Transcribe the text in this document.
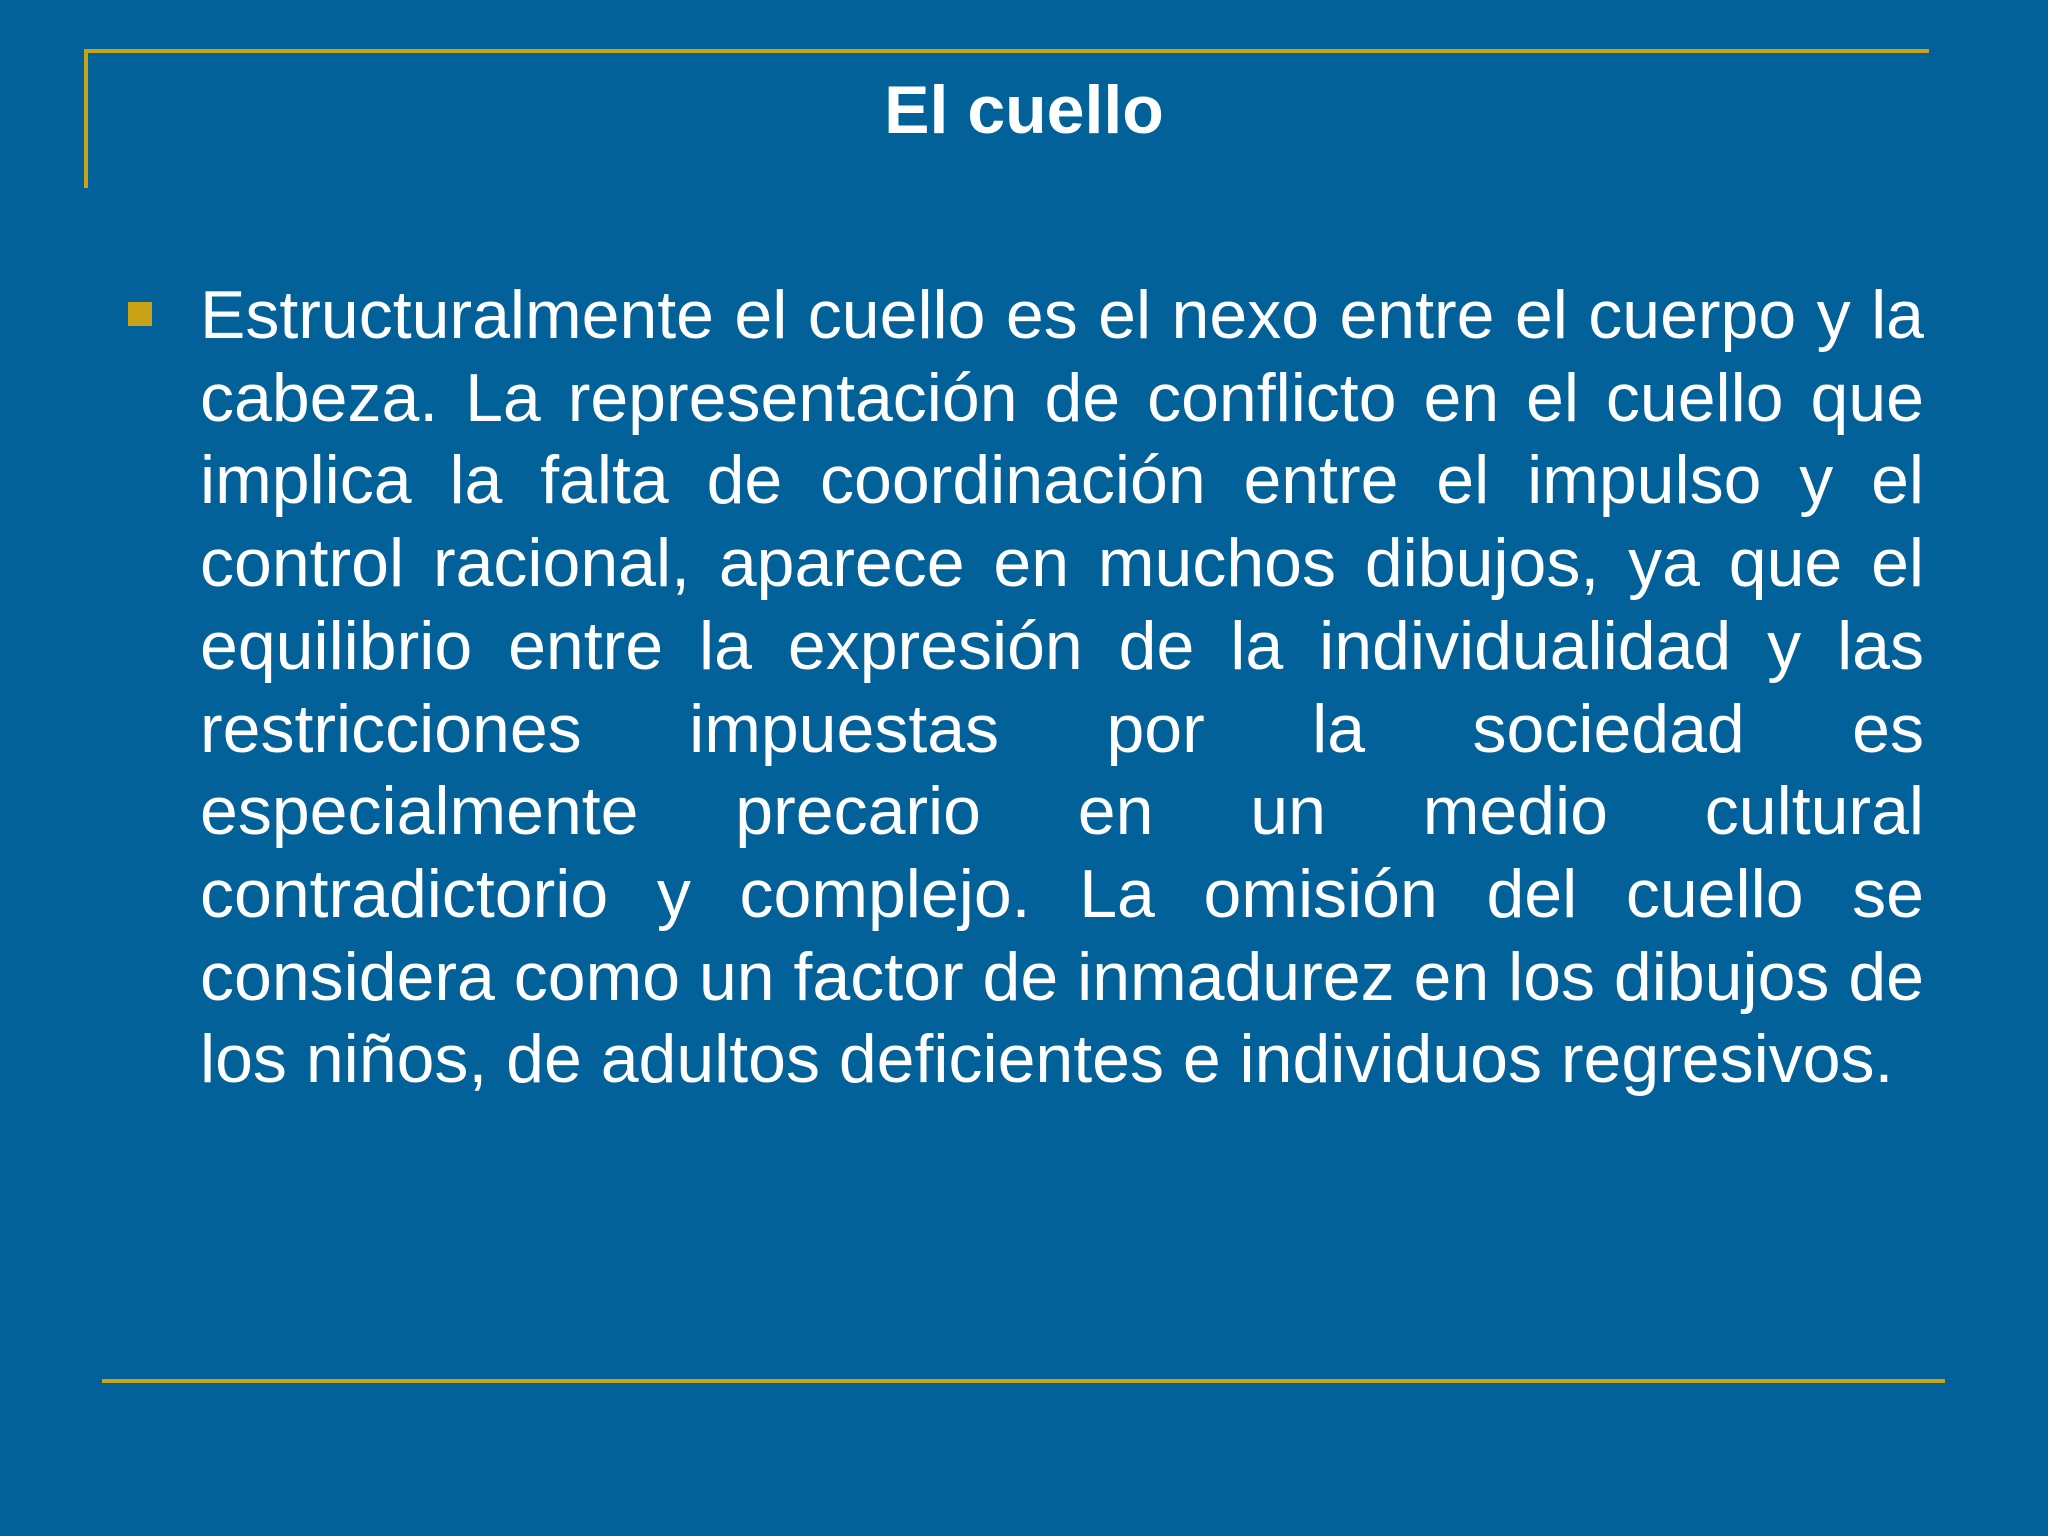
El cuello

Estructuralmente el cuello es el nexo entre el cuerpo y la cabeza. La representación de conflicto en el cuello que implica la falta de coordinación entre el impulso y el control racional, aparece en muchos dibujos, ya que el equilibrio entre la expresión de la individualidad y las restricciones impuestas por la sociedad es especialmente precario en un medio cultural contradictorio y complejo. La omisión del cuello se considera como un factor de inmadurez en los dibujos de los niños, de adultos deficientes e individuos regresivos.
